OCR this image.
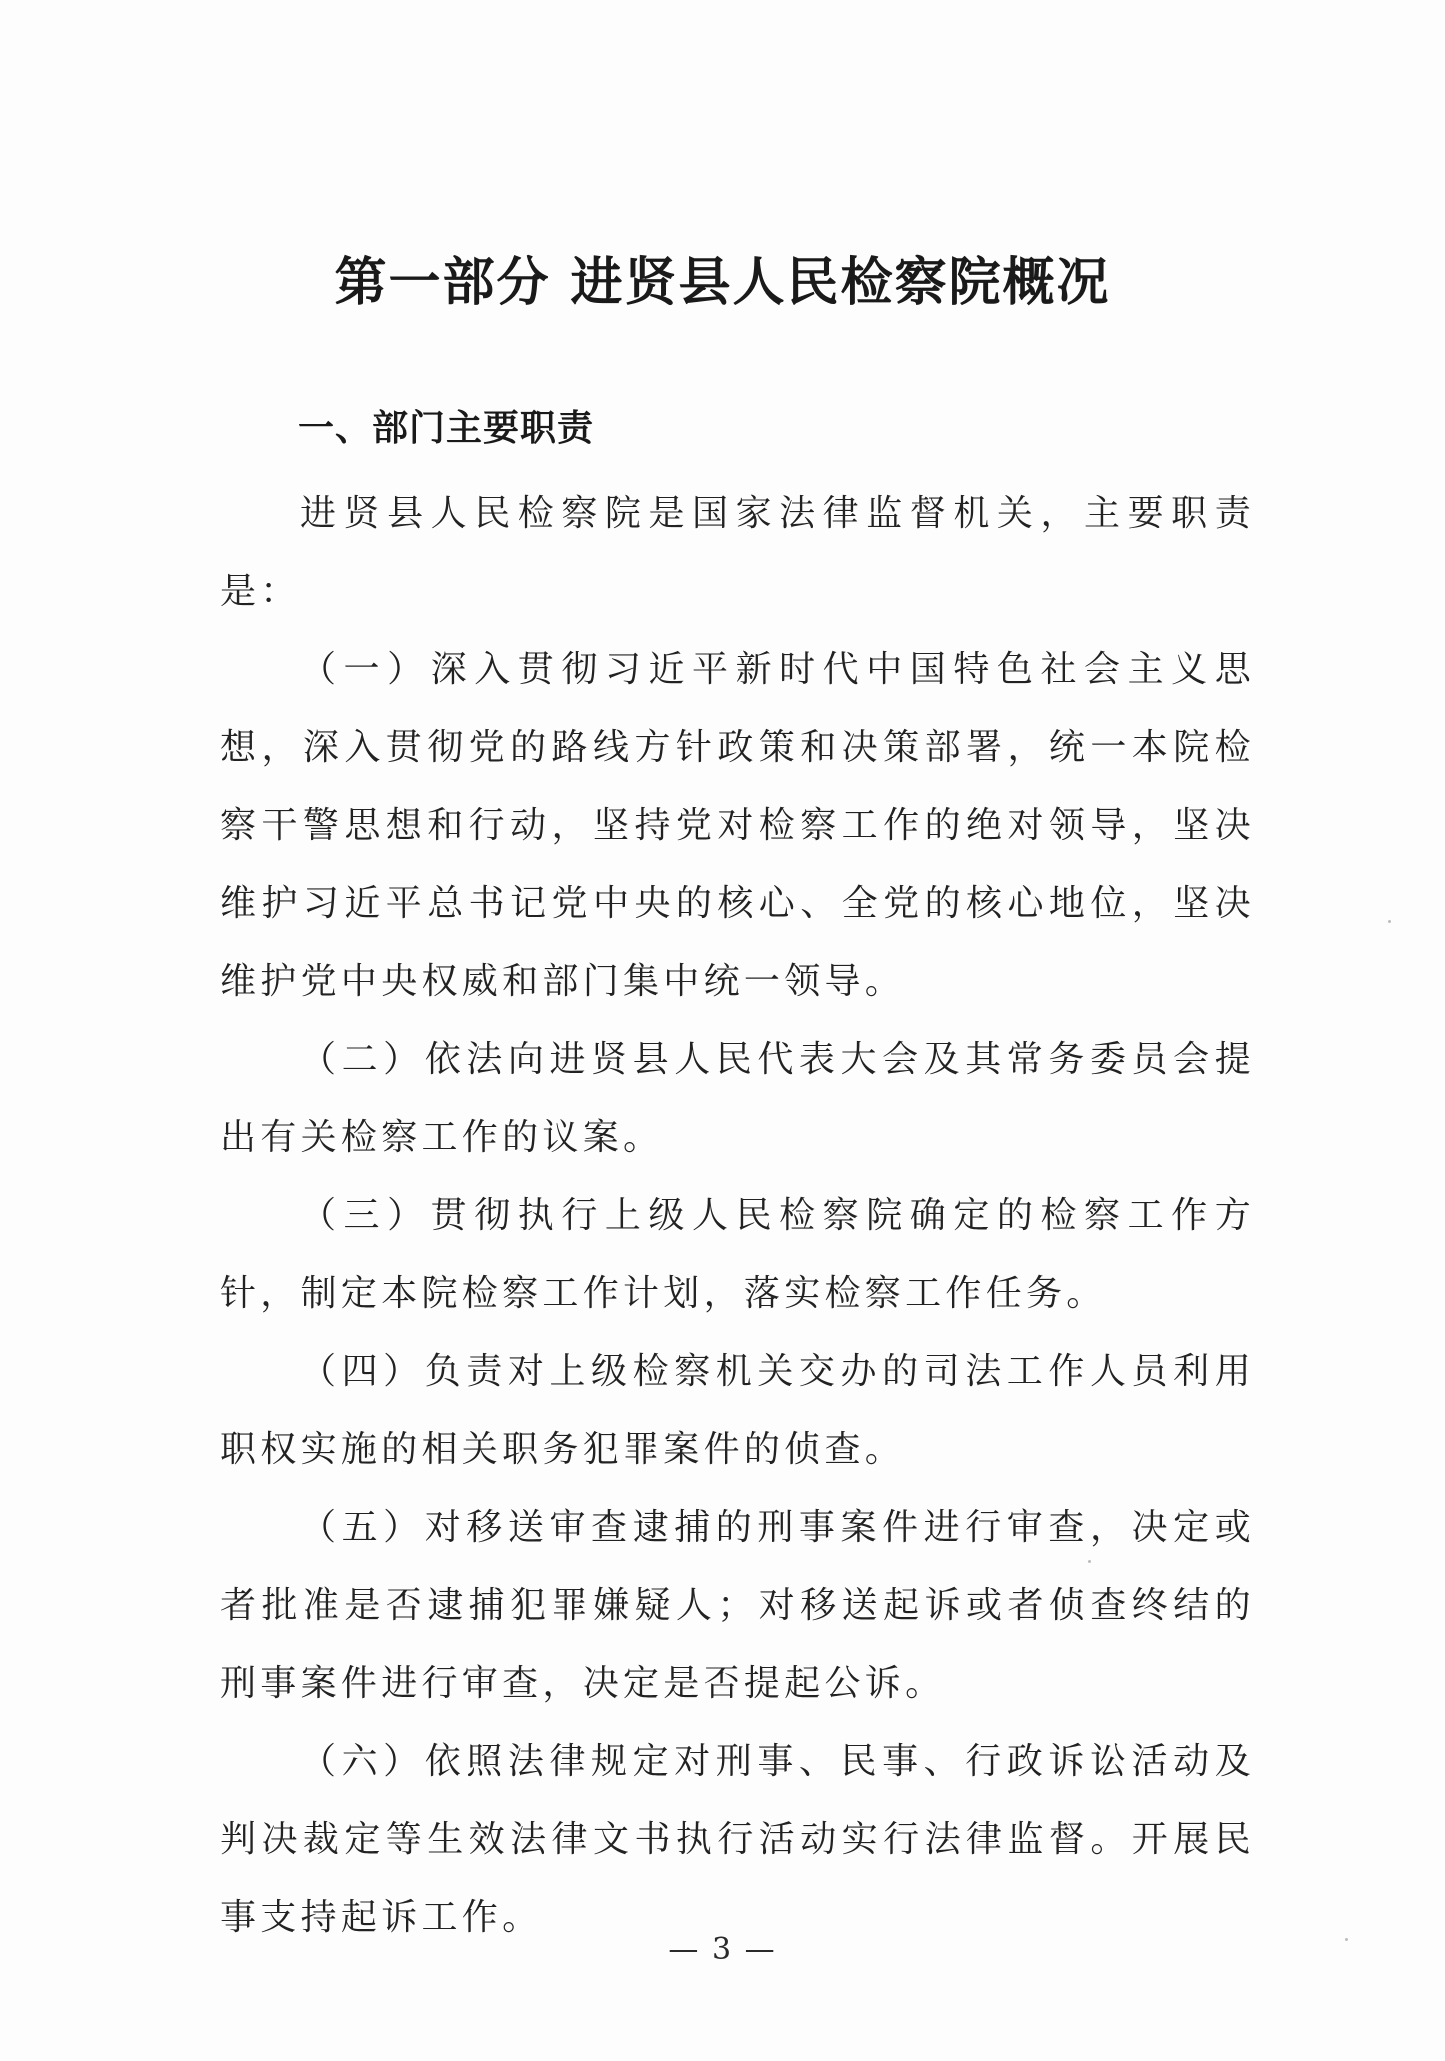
第一部分 进贤县人民检察院概况
一、部门主要职责

进贤县人民检察院是国家法律监督机关，主要职责是：

（一）深入贯彻习近平新时代中国特色社会主义思想，深入贯彻党的路线方针政策和决策部署，统一本院检察干警思想和行动，坚持党对检察工作的绝对领导，坚决维护习近平总书记党中央的核心、全党的核心地位，坚决维护党中央权威和部门集中统一领导。

（二）依法向进贤县人民代表大会及其常务委员会提出有关检察工作的议案。

（三）贯彻执行上级人民检察院确定的检察工作方针，制定本院检察工作计划，落实检察工作任务。

（四）负责对上级检察机关交办的司法工作人员利用职权实施的相关职务犯罪案件的侦查。

（五）对移送审查逮捕的刑事案件进行审查，决定或者批准是否逮捕犯罪嫌疑人；对移送起诉或者侦查终结的刑事案件进行审查，决定是否提起公诉。

（六）依照法律规定对刑事、民事、行政诉讼活动及判决裁定等生效法律文书执行活动实行法律监督。开展民事支持起诉工作。

— 3 —
